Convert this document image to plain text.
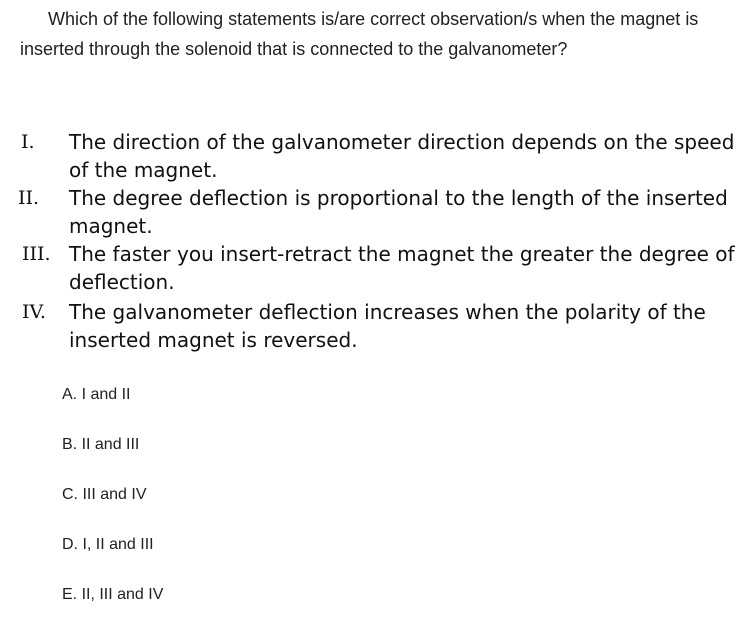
Which of the following statements is/are correct observation/s when the magnet is inserted through the solenoid that is connected to the galvanometer?

I. The direction of the galvanometer direction depends on the speed
of the magnet.
II. The degree deflection is proportional to the length of the inserted
magnet.
III. The faster you insert-retract the magnet the greater the degree of
deflection.
IV. The galvanometer deflection increases when the polarity of the
inserted magnet is reversed.
A. I and II
B. II and III
C. III and IV
D. I, II and III
E. II, III and IV
